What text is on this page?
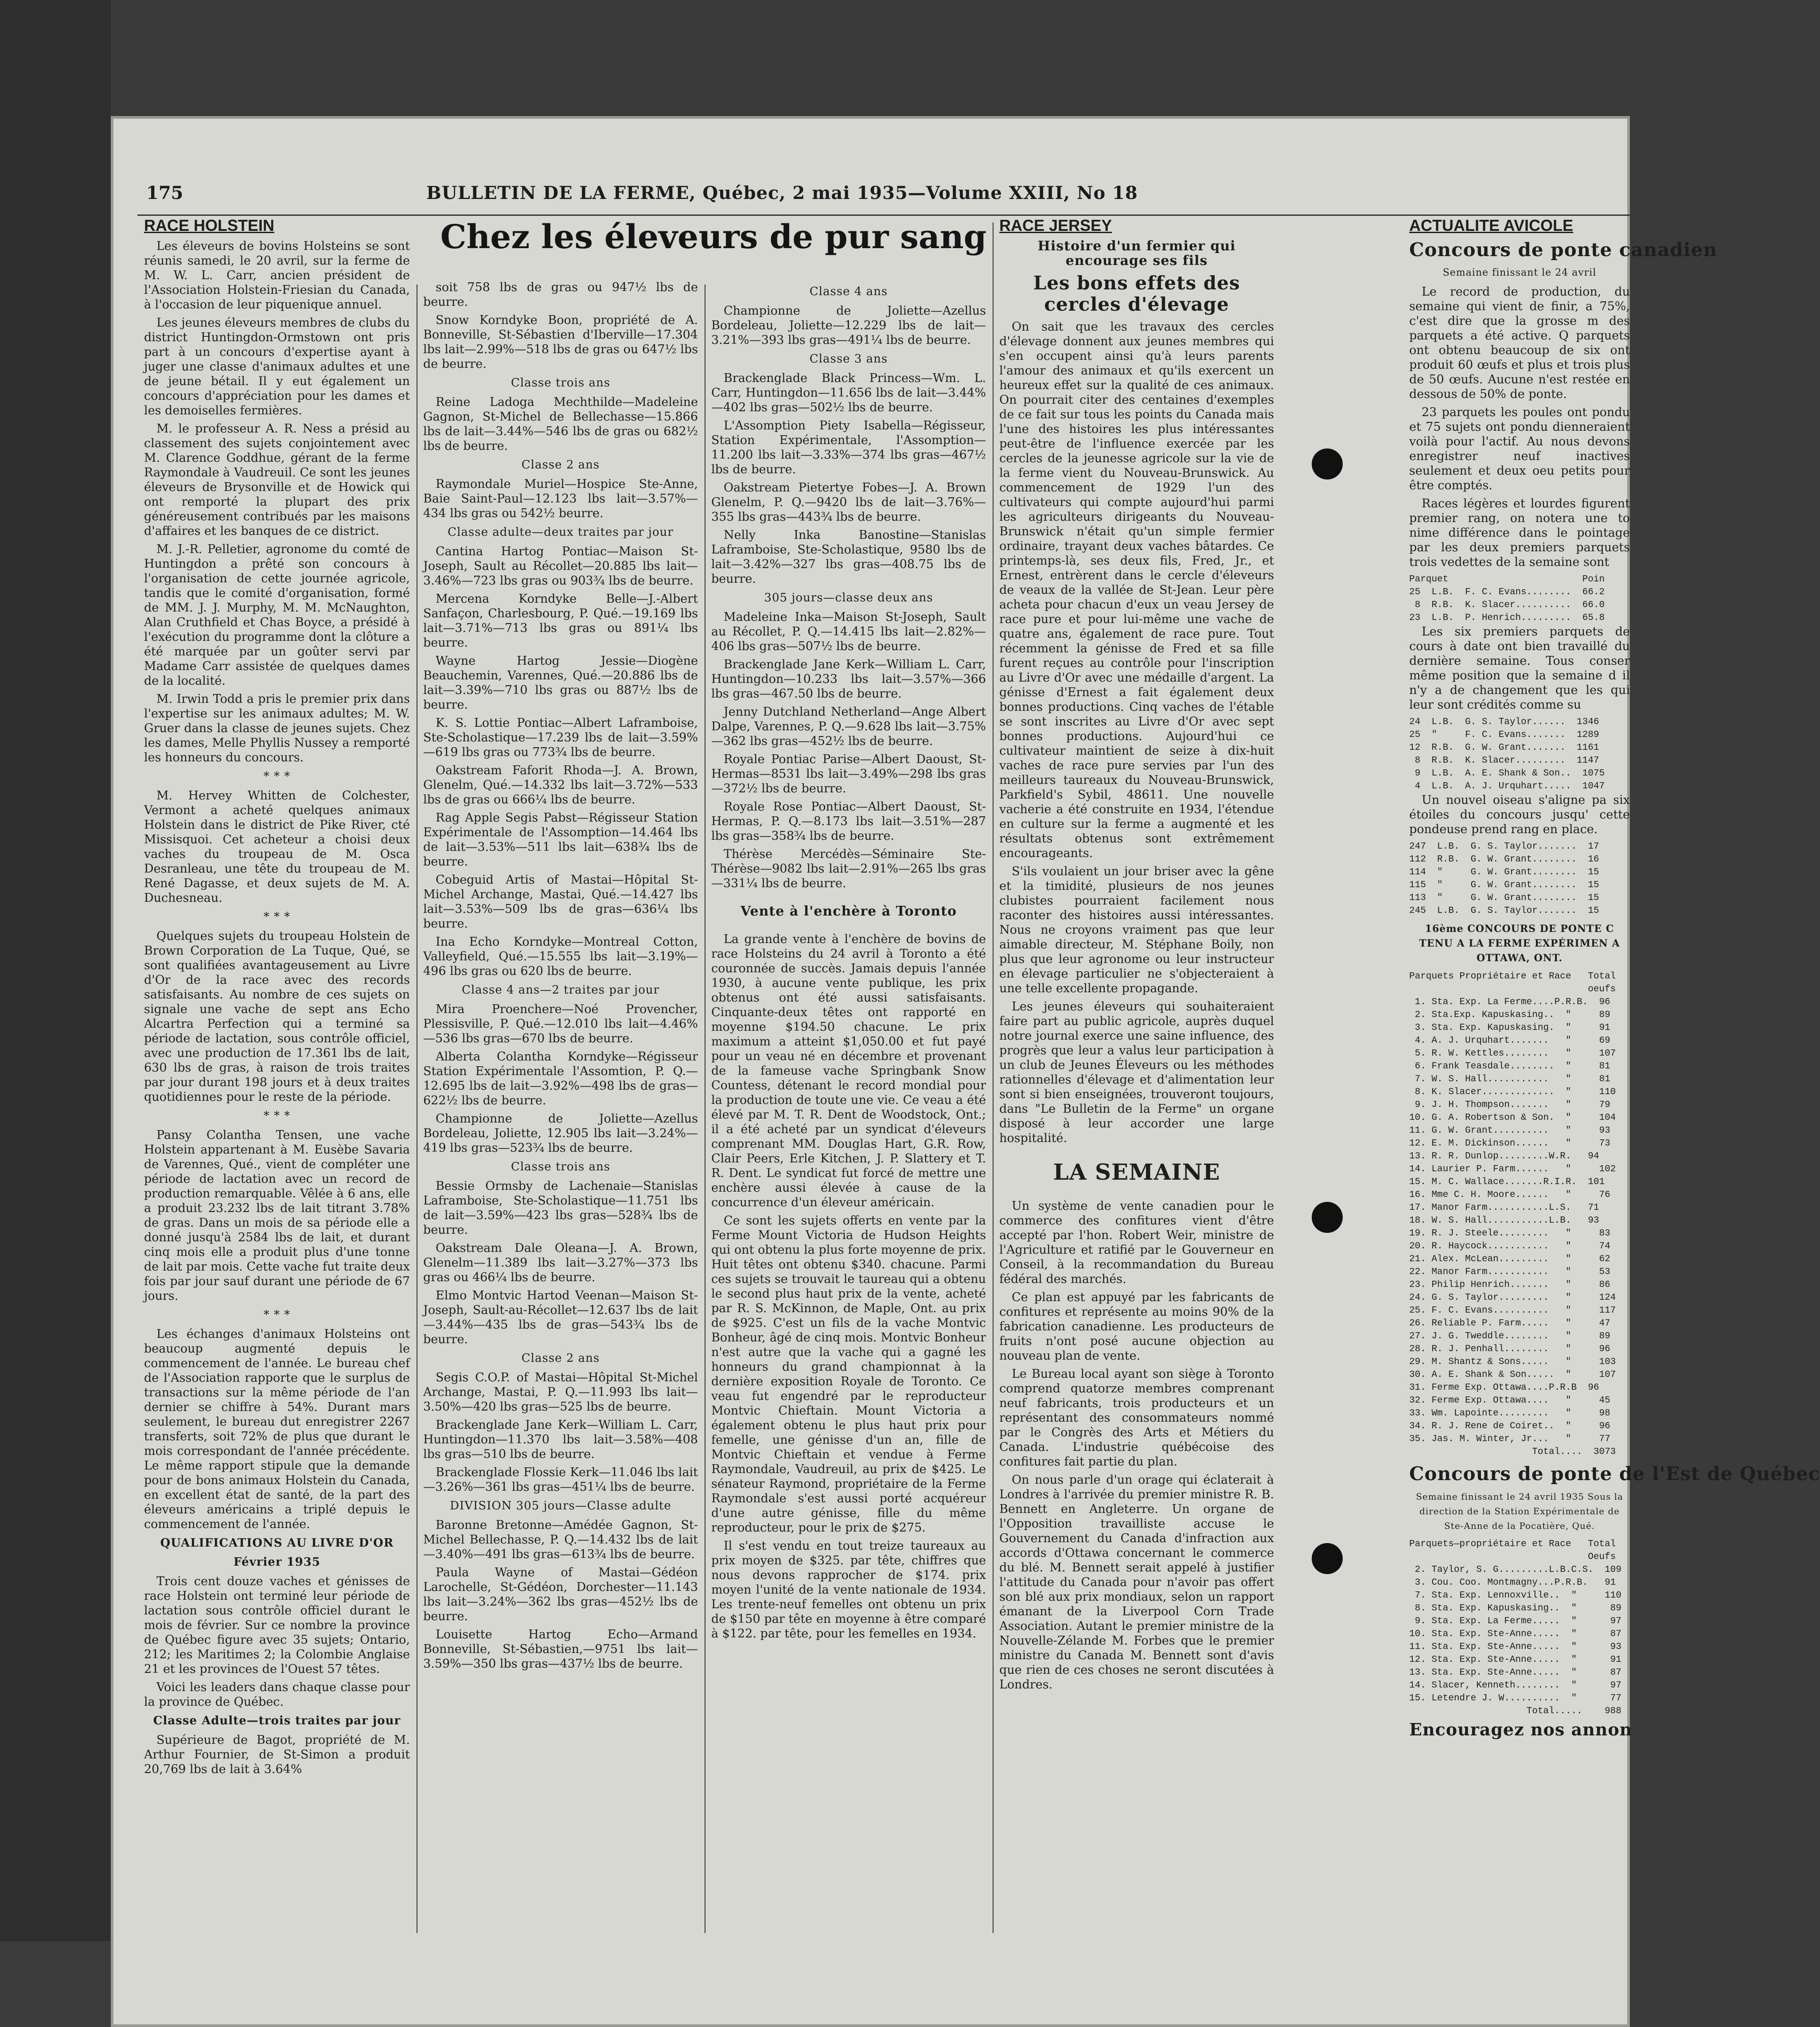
175	BULLETIN DE LA FERME, Québec, 2 mai 1935—Volume XXIII, No 18
Chez les éleveurs de pur sang
RACE HOLSTEIN

Les éleveurs de bovins Holsteins se sont réunis samedi, le 20 avril, sur la ferme de M. W. L. Carr, ancien président de l'Association Holstein-Friesian du Canada, à l'occasion de leur piquenique annuel.

Les jeunes éleveurs membres de clubs du district Huntingdon-Ormstown ont pris part à un concours d'expertise ayant à juger une classe d'animaux adultes et une de jeune bétail. Il y eut également un concours d'appréciation pour les dames et les demoiselles fermières.

M. le professeur A. R. Ness a présid au classement des sujets conjointement avec M. Clarence Goddhue, gérant de la ferme Raymondale à Vaudreuil. Ce sont les jeunes éleveurs de Brysonville et de Howick qui ont remporté la plupart des prix généreusement contribués par les maisons d'affaires et les banques de ce district.

M. J.-R. Pelletier, agronome du comté de Huntingdon a prêté son concours à l'organisation de cette journée agricole, tandis que le comité d'organisation, formé de MM. J. J. Murphy, M. M. McNaughton, Alan Cruthfield et Chas Boyce, a présidé à l'exécution du programme dont la clôture a été marquée par un goûter servi par Madame Carr assistée de quelques dames de la localité.

M. Irwin Todd a pris le premier prix dans l'expertise sur les animaux adultes; M. W. Gruer dans la classe de jeunes sujets. Chez les dames, Melle Phyllis Nussey a remporté les honneurs du concours.

* * *

M. Hervey Whitten de Colchester, Vermont a acheté quelques animaux Holstein dans le district de Pike River, cté Missisquoi. Cet acheteur a choisi deux vaches du troupeau de M. Osca Desranleau, une tête du troupeau de M. René Dagasse, et deux sujets de M. A. Duchesneau.

* * *

Quelques sujets du troupeau Holstein de Brown Corporation de La Tuque, Qué, se sont qualifiées avantageusement au Livre d'Or de la race avec des records satisfaisants. Au nombre de ces sujets on signale une vache de sept ans Echo Alcartra Perfection qui a terminé sa période de lactation, sous contrôle officiel, avec une production de 17.361 lbs de lait, 630 lbs de gras, à raison de trois traites par jour durant 198 jours et à deux traites quotidiennes pour le reste de la période.

* * *

Pansy Colantha Tensen, une vache Holstein appartenant à M. Eusèbe Savaria de Varennes, Qué., vient de compléter une période de lactation avec un record de production remarquable. Vêlée à 6 ans, elle a produit 23.232 lbs de lait titrant 3.78% de gras. Dans un mois de sa période elle a donné jusqu'à 2584 lbs de lait, et durant cinq mois elle a produit plus d'une tonne de lait par mois. Cette vache fut traite deux fois par jour sauf durant une période de 67 jours.

* * *

Les échanges d'animaux Holsteins ont beaucoup augmenté depuis le commencement de l'année. Le bureau chef de l'Association rapporte que le surplus de transactions sur la même période de l'an dernier se chiffre à 54%. Durant mars seulement, le bureau dut enregistrer 2267 transferts, soit 72% de plus que durant le mois correspondant de l'année précédente. Le même rapport stipule que la demande pour de bons animaux Holstein du Canada, en excellent état de santé, de la part des éleveurs américains a triplé depuis le commencement de l'année.

QUALIFICATIONS AU LIVRE D'OR

Février 1935

Trois cent douze vaches et génisses de race Holstein ont terminé leur période de lactation sous contrôle officiel durant le mois de février. Sur ce nombre la province de Québec figure avec 35 sujets; Ontario, 212; les Maritimes 2; la Colombie Anglaise 21 et les provinces de l'Ouest 57 têtes.

Voici les leaders dans chaque classe pour la province de Québec.

Classe Adulte—trois traites par jour

Supérieure de Bagot, propriété de M. Arthur Fournier, de St-Simon a produit 20,769 lbs de lait à 3.64%

soit 758 lbs de gras ou 947½ lbs de beurre.

Snow Korndyke Boon, propriété de A. Bonneville, St-Sébastien d'Iberville—17.304 lbs lait—2.99%—518 lbs de gras ou 647½ lbs de beurre.

Classe trois ans

Reine Ladoga Mechthilde—Madeleine Gagnon, St-Michel de Bellechasse—15.866 lbs de lait—3.44%—546 lbs de gras ou 682½ lbs de beurre.

Classe 2 ans

Raymondale Muriel—Hospice Ste-Anne, Baie Saint-Paul—12.123 lbs lait—3.57%—434 lbs gras ou 542½ beurre.

Classe adulte—deux traites par jour

Cantina Hartog Pontiac—Maison St-Joseph, Sault au Récollet—20.885 lbs lait—3.46%—723 lbs gras ou 903¾ lbs de beurre.

Mercena Korndyke Belle—J.-Albert Sanfaçon, Charlesbourg, P. Qué.—19.169 lbs lait—3.71%—713 lbs gras ou 891¼ lbs beurre.

Wayne Hartog Jessie—Diogène Beauchemin, Varennes, Qué.—20.886 lbs de lait—3.39%—710 lbs gras ou 887½ lbs de beurre.

K. S. Lottie Pontiac—Albert Laframboise, Ste-Scholastique—17.239 lbs de lait—3.59%—619 lbs gras ou 773¾ lbs de beurre.

Oakstream Faforit Rhoda—J. A. Brown, Glenelm, Qué.—14.332 lbs lait—3.72%—533 lbs de gras ou 666¼ lbs de beurre.

Rag Apple Segis Pabst—Régisseur Station Expérimentale de l'Assomption—14.464 lbs de lait—3.53%—511 lbs lait—638¾ lbs de beurre.

Cobeguid Artis of Mastai—Hôpital St-Michel Archange, Mastai, Qué.—14.427 lbs lait—3.53%—509 lbs de gras—636¼ lbs beurre.

Ina Echo Korndyke—Montreal Cotton, Valleyfield, Qué.—15.555 lbs lait—3.19%—496 lbs gras ou 620 lbs de beurre.

Classe 4 ans—2 traites par jour

Mira Proenchere—Noé Provencher, Plessisville, P. Qué.—12.010 lbs lait—4.46%—536 lbs gras—670 lbs de beurre.

Alberta Colantha Korndyke—Régisseur Station Expérimentale l'Assomtion, P. Q.—12.695 lbs de lait—3.92%—498 lbs de gras—622½ lbs de beurre.

Championne de Joliette—Azellus Bordeleau, Joliette, 12.905 lbs lait—3.24%—419 lbs gras—523¾ lbs de beurre.

Classe trois ans

Bessie Ormsby de Lachenaie—Stanislas Laframboise, Ste-Scholastique—11.751 lbs de lait—3.59%—423 lbs gras—528¾ lbs de beurre.

Oakstream Dale Oleana—J. A. Brown, Glenelm—11.389 lbs lait—3.27%—373 lbs gras ou 466¼ lbs de beurre.

Elmo Montvic Hartod Veenan—Maison St-Joseph, Sault-au-Récollet—12.637 lbs de lait—3.44%—435 lbs de gras—543¾ lbs de beurre.

Classe 2 ans

Segis C.O.P. of Mastai—Hôpital St-Michel Archange, Mastai, P. Q.—11.993 lbs lait—3.50%—420 lbs gras—525 lbs de beurre.

Brackenglade Jane Kerk—William L. Carr, Huntingdon—11.370 lbs lait—3.58%—408 lbs gras—510 lbs de beurre.

Brackenglade Flossie Kerk—11.046 lbs lait—3.26%—361 lbs gras—451¼ lbs de beurre.

DIVISION 305 jours—Classe adulte

Baronne Bretonne—Amédée Gagnon, St-Michel Bellechasse, P. Q.—14.432 lbs de lait—3.40%—491 lbs gras—613¾ lbs de beurre.

Paula Wayne of Mastai—Gédéon Larochelle, St-Gédéon, Dorchester—11.143 lbs lait—3.24%—362 lbs gras—452½ lbs de beurre.

Louisette Hartog Echo—Armand Bonneville, St-Sébastien,—9751 lbs lait—3.59%—350 lbs gras—437½ lbs de beurre.

Classe 4 ans

Championne de Joliette—Azellus Bordeleau, Joliette—12.229 lbs de lait—3.21%—393 lbs gras—491¼ lbs de beurre.

Classe 3 ans

Brackenglade Black Princess—Wm. L. Carr, Huntingdon—11.656 lbs de lait—3.44%—402 lbs gras—502½ lbs de beurre.

L'Assomption Piety Isabella—Régisseur, Station Expérimentale, l'Assomption—11.200 lbs lait—3.33%—374 lbs gras—467½ lbs de beurre.

Oakstream Pietertye Fobes—J. A. Brown Glenelm, P. Q.—9420 lbs de lait—3.76%—355 lbs gras—443¾ lbs de beurre.

Nelly Inka Banostine—Stanislas Laframboise, Ste-Scholastique, 9580 lbs de lait—3.42%—327 lbs gras—408.75 lbs de beurre.

305 jours—classe deux ans

Madeleine Inka—Maison St-Joseph, Sault au Récollet, P. Q.—14.415 lbs lait—2.82%—406 lbs gras—507½ lbs de beurre.

Brackenglade Jane Kerk—William L. Carr, Huntingdon—10.233 lbs lait—3.57%—366 lbs gras—467.50 lbs de beurre.

Jenny Dutchland Netherland—Ange Albert Dalpe, Varennes, P. Q.—9.628 lbs lait—3.75%—362 lbs gras—452½ lbs de beurre.

Royale Pontiac Parise—Albert Daoust, St-Hermas—8531 lbs lait—3.49%—298 lbs gras—372½ lbs de beurre.

Royale Rose Pontiac—Albert Daoust, St-Hermas, P. Q.—8.173 lbs lait—3.51%—287 lbs gras—358¾ lbs de beurre.

Thérèse Mercédès—Séminaire Ste-Thérèse—9082 lbs lait—2.91%—265 lbs gras—331¼ lbs de beurre.

Vente à l'enchère à Toronto

La grande vente à l'enchère de bovins de race Holsteins du 24 avril à Toronto a été couronnée de succès. Jamais depuis l'année 1930, à aucune vente publique, les prix obtenus ont été aussi satisfaisants. Cinquante-deux têtes ont rapporté en moyenne $194.50 chacune. Le prix maximum a atteint $1,050.00 et fut payé pour un veau né en décembre et provenant de la fameuse vache Springbank Snow Countess, détenant le record mondial pour la production de toute une vie. Ce veau a été élevé par M. T. R. Dent de Woodstock, Ont.; il a été acheté par un syndicat d'éleveurs comprenant MM. Douglas Hart, G.R. Row, Clair Peers, Erle Kitchen, J. P. Slattery et T. R. Dent. Le syndicat fut forcé de mettre une enchère aussi élevée à cause de la concurrence d'un éleveur américain.

Ce sont les sujets offerts en vente par la Ferme Mount Victoria de Hudson Heights qui ont obtenu la plus forte moyenne de prix. Huit têtes ont obtenu $340. chacune. Parmi ces sujets se trouvait le taureau qui a obtenu le second plus haut prix de la vente, acheté par R. S. McKinnon, de Maple, Ont. au prix de $925. C'est un fils de la vache Montvic Bonheur, âgé de cinq mois. Montvic Bonheur n'est autre que la vache qui a gagné les honneurs du grand championnat à la dernière exposition Royale de Toronto. Ce veau fut engendré par le reproducteur Montvic Chieftain. Mount Victoria a également obtenu le plus haut prix pour femelle, une génisse d'un an, fille de Montvic Chieftain et vendue à Ferme Raymondale, Vaudreuil, au prix de $425. Le sénateur Raymond, propriétaire de la Ferme Raymondale s'est aussi porté acquéreur d'une autre génisse, fille du même reproducteur, pour le prix de $275.

Il s'est vendu en tout treize taureaux au prix moyen de $325. par tête, chiffres que nous devons rapprocher de $174. prix moyen l'unité de la vente nationale de 1934. Les trente-neuf femelles ont obtenu un prix de $150 par tête en moyenne à être comparé à $122. par tête, pour les femelles en 1934.

RACE JERSEY

Histoire d'un fermier qui encourage ses fils

Les bons effets des cercles d'élevage

On sait que les travaux des cercles d'élevage donnent aux jeunes membres qui s'en occupent ainsi qu'à leurs parents l'amour des animaux et qu'ils exercent un heureux effet sur la qualité de ces animaux. On pourrait citer des centaines d'exemples de ce fait sur tous les points du Canada mais l'une des histoires les plus intéressantes peut-être de l'influence exercée par les cercles de la jeunesse agricole sur la vie de la ferme vient du Nouveau-Brunswick. Au commencement de 1929 l'un des cultivateurs qui compte aujourd'hui parmi les agriculteurs dirigeants du Nouveau-Brunswick n'était qu'un simple fermier ordinaire, trayant deux vaches bâtardes. Ce printemps-là, ses deux fils, Fred, Jr., et Ernest, entrèrent dans le cercle d'éleveurs de veaux de la vallée de St-Jean. Leur père acheta pour chacun d'eux un veau Jersey de race pure et pour lui-même une vache de quatre ans, également de race pure. Tout récemment la génisse de Fred et sa fille furent reçues au contrôle pour l'inscription au Livre d'Or avec une médaille d'argent. La génisse d'Ernest a fait également deux bonnes productions. Cinq vaches de l'étable se sont inscrites au Livre d'Or avec sept bonnes productions. Aujourd'hui ce cultivateur maintient de seize à dix-huit vaches de race pure servies par l'un des meilleurs taureaux du Nouveau-Brunswick, Parkfield's Sybil, 48611. Une nouvelle vacherie a été construite en 1934, l'étendue en culture sur la ferme a augmenté et les résultats obtenus sont extrêmement encourageants.

S'ils voulaient un jour briser avec la gêne et la timidité, plusieurs de nos jeunes clubistes pourraient facilement nous raconter des histoires aussi intéressantes. Nous ne croyons vraiment pas que leur aimable directeur, M. Stéphane Boily, non plus que leur agronome ou leur instructeur en élevage particulier ne s'objecteraient à une telle excellente propagande.

Les jeunes éleveurs qui souhaiteraient faire part au public agricole, auprès duquel notre journal exerce une saine influence, des progrès que leur a valus leur participation à un club de Jeunes Éleveurs ou les méthodes rationnelles d'élevage et d'alimentation leur sont si bien enseignées, trouveront toujours, dans "Le Bulletin de la Ferme" un organe disposé à leur accorder une large hospitalité.

LA SEMAINE

Un système de vente canadien pour le commerce des confitures vient d'être accepté par l'hon. Robert Weir, ministre de l'Agriculture et ratifié par le Gouverneur en Conseil, à la recommandation du Bureau fédéral des marchés.

Ce plan est appuyé par les fabricants de confitures et représente au moins 90% de la fabrication canadienne. Les producteurs de fruits n'ont posé aucune objection au nouveau plan de vente.

Le Bureau local ayant son siège à Toronto comprend quatorze membres comprenant neuf fabricants, trois producteurs et un représentant des consommateurs nommé par le Congrès des Arts et Métiers du Canada. L'industrie québécoise des confitures fait partie du plan.

On nous parle d'un orage qui éclaterait à Londres à l'arrivée du premier ministre R. B. Bennett en Angleterre. Un organe de l'Opposition travailliste accuse le Gouvernement du Canada d'infraction aux accords d'Ottawa concernant le commerce du blé. M. Bennett serait appelé à justifier l'attitude du Canada pour n'avoir pas offert son blé aux prix mondiaux, selon un rapport émanant de la Liverpool Corn Trade Association. Autant le premier ministre de la Nouvelle-Zélande M. Forbes que le premier ministre du Canada M. Bennett sont d'avis que rien de ces choses ne seront discutées à Londres.

ACTUALITE AVICOLE

Concours de ponte canadien

Semaine finissant le 24 avril

Le record de production, du semaine qui vient de finir, a 75%, c'est dire que la grosse m des parquets a été active. Q parquets ont obtenu beaucoup de six ont produit 60 œufs et plus et trois plus de 50 œufs. Aucune n'est restée en dessous de 50% de ponte.

23 parquets les poules ont pondu et 75 sujets ont pondu dienneraient voilà pour l'actif. Au nous devons enregistrer neuf inactives seulement et deux oeu petits pour être comptés.

Races légères et lourdes figurent premier rang, on notera une to nime différence dans le pointage par les deux premiers parquets trois vedettes de la semaine sont

Parquet                        Poin
25  L.B.  F. C. Evans........  66.2
8  R.B.  K. Slacer..........  66.0
23  L.B.  P. Henrich.........  65.8

Les six premiers parquets de cours à date ont bien travaillé du dernière semaine. Tous conser même position que la semaine d il n'y a de changement que les qui leur sont crédités comme su

24  L.B.  G. S. Taylor......  1346
25  "     F. C. Evans.......  1289
12  R.B.  G. W. Grant.......  1161
8  R.B.  K. Slacer.........  1147
9  L.B.  A. E. Shank & Son..  1075
4  L.B.  A. J. Urquhart.....  1047

Un nouvel oiseau s'aligne pa six étoiles du concours jusqu' cette pondeuse prend rang en place.

247  L.B.  G. S. Taylor.......  17
112  R.B.  G. W. Grant........  16
114  "     G. W. Grant........  15
115  "     G. W. Grant........  15
113  "     G. W. Grant........  15
245  L.B.  G. S. Taylor.......  15

16ème CONCOURS DE PONTE C TENU A LA FERME EXPÉRIMEN A OTTAWA, ONT.

Parquets Propriétaire et Race   Total
oeufs
1. Sta. Exp. La Ferme....P.R.B.  96
2. Sta.Exp. Kapuskasing..  "     89
3. Sta. Exp. Kapuskasing.  "     91
4. A. J. Urquhart.......   "     69
5. R. W. Kettles........   "     107
6. Frank Teasdale........  "     81
7. W. S. Hall...........   "     81
8. K. Slacer.............  "     110
9. J. H. Thompson.......   "     79
10. G. A. Robertson & Son.  "     104
11. G. W. Grant..........   "     93
12. E. M. Dickinson......   "     73
13. R. R. Dunlop.........W.R.   94
14. Laurier P. Farm......   "     102
15. M. C. Wallace.......R.I.R.  101
16. Mme C. H. Moore......   "     76
17. Manor Farm...........L.S.   71
18. W. S. Hall...........L.B.   93
19. R. J. Steele.........   "     83
20. R. Haycock...........   "     74
21. Alex. McLean.........   "     62
22. Manor Farm...........   "     53
23. Philip Henrich.......   "     86
24. G. S. Taylor.........   "     124
25. F. C. Evans..........   "     117
26. Reliable P. Farm.....   "     47
27. J. G. Tweddle........   "     89
28. R. J. Penhall........   "     96
29. M. Shantz & Sons.....   "     103
30. A. E. Shank & Son.....  "     107
31. Ferme Exp. Ottawa....P.R.B  96
32. Ferme Exp. Ottawa....   "     45
33. Wm. Lapointe.........   "     98
34. R. J. Rene de Coiret..  "     96
35. Jas. M. Winter, Jr...   "     77
Total....  3073

Concours de ponte de l'Est de Québec

Semaine finissant le 24 avril 1935 Sous la direction de la Station Expérimentale de Ste-Anne de la Pocatière, Qué.

Parquets—propriétaire et Race   Total
Oeufs
2. Taylor, S. G.........L.B.C.S.  109
3. Cou. Coo. Montmagny...P.R.B.   91
7. Sta. Exp. Lennoxville..  "     110
8. Sta. Exp. Kapuskasing..  "      89
9. Sta. Exp. La Ferme.....  "      97
10. Sta. Exp. Ste-Anne.....  "      87
11. Sta. Exp. Ste-Anne.....  "      93
12. Sta. Exp. Ste-Anne.....  "      91
13. Sta. Exp. Ste-Anne.....  "      87
14. Slacer, Kenneth........  "      97
15. Letendre J. W..........  "      77
Total.....    988

Encouragez nos annon
